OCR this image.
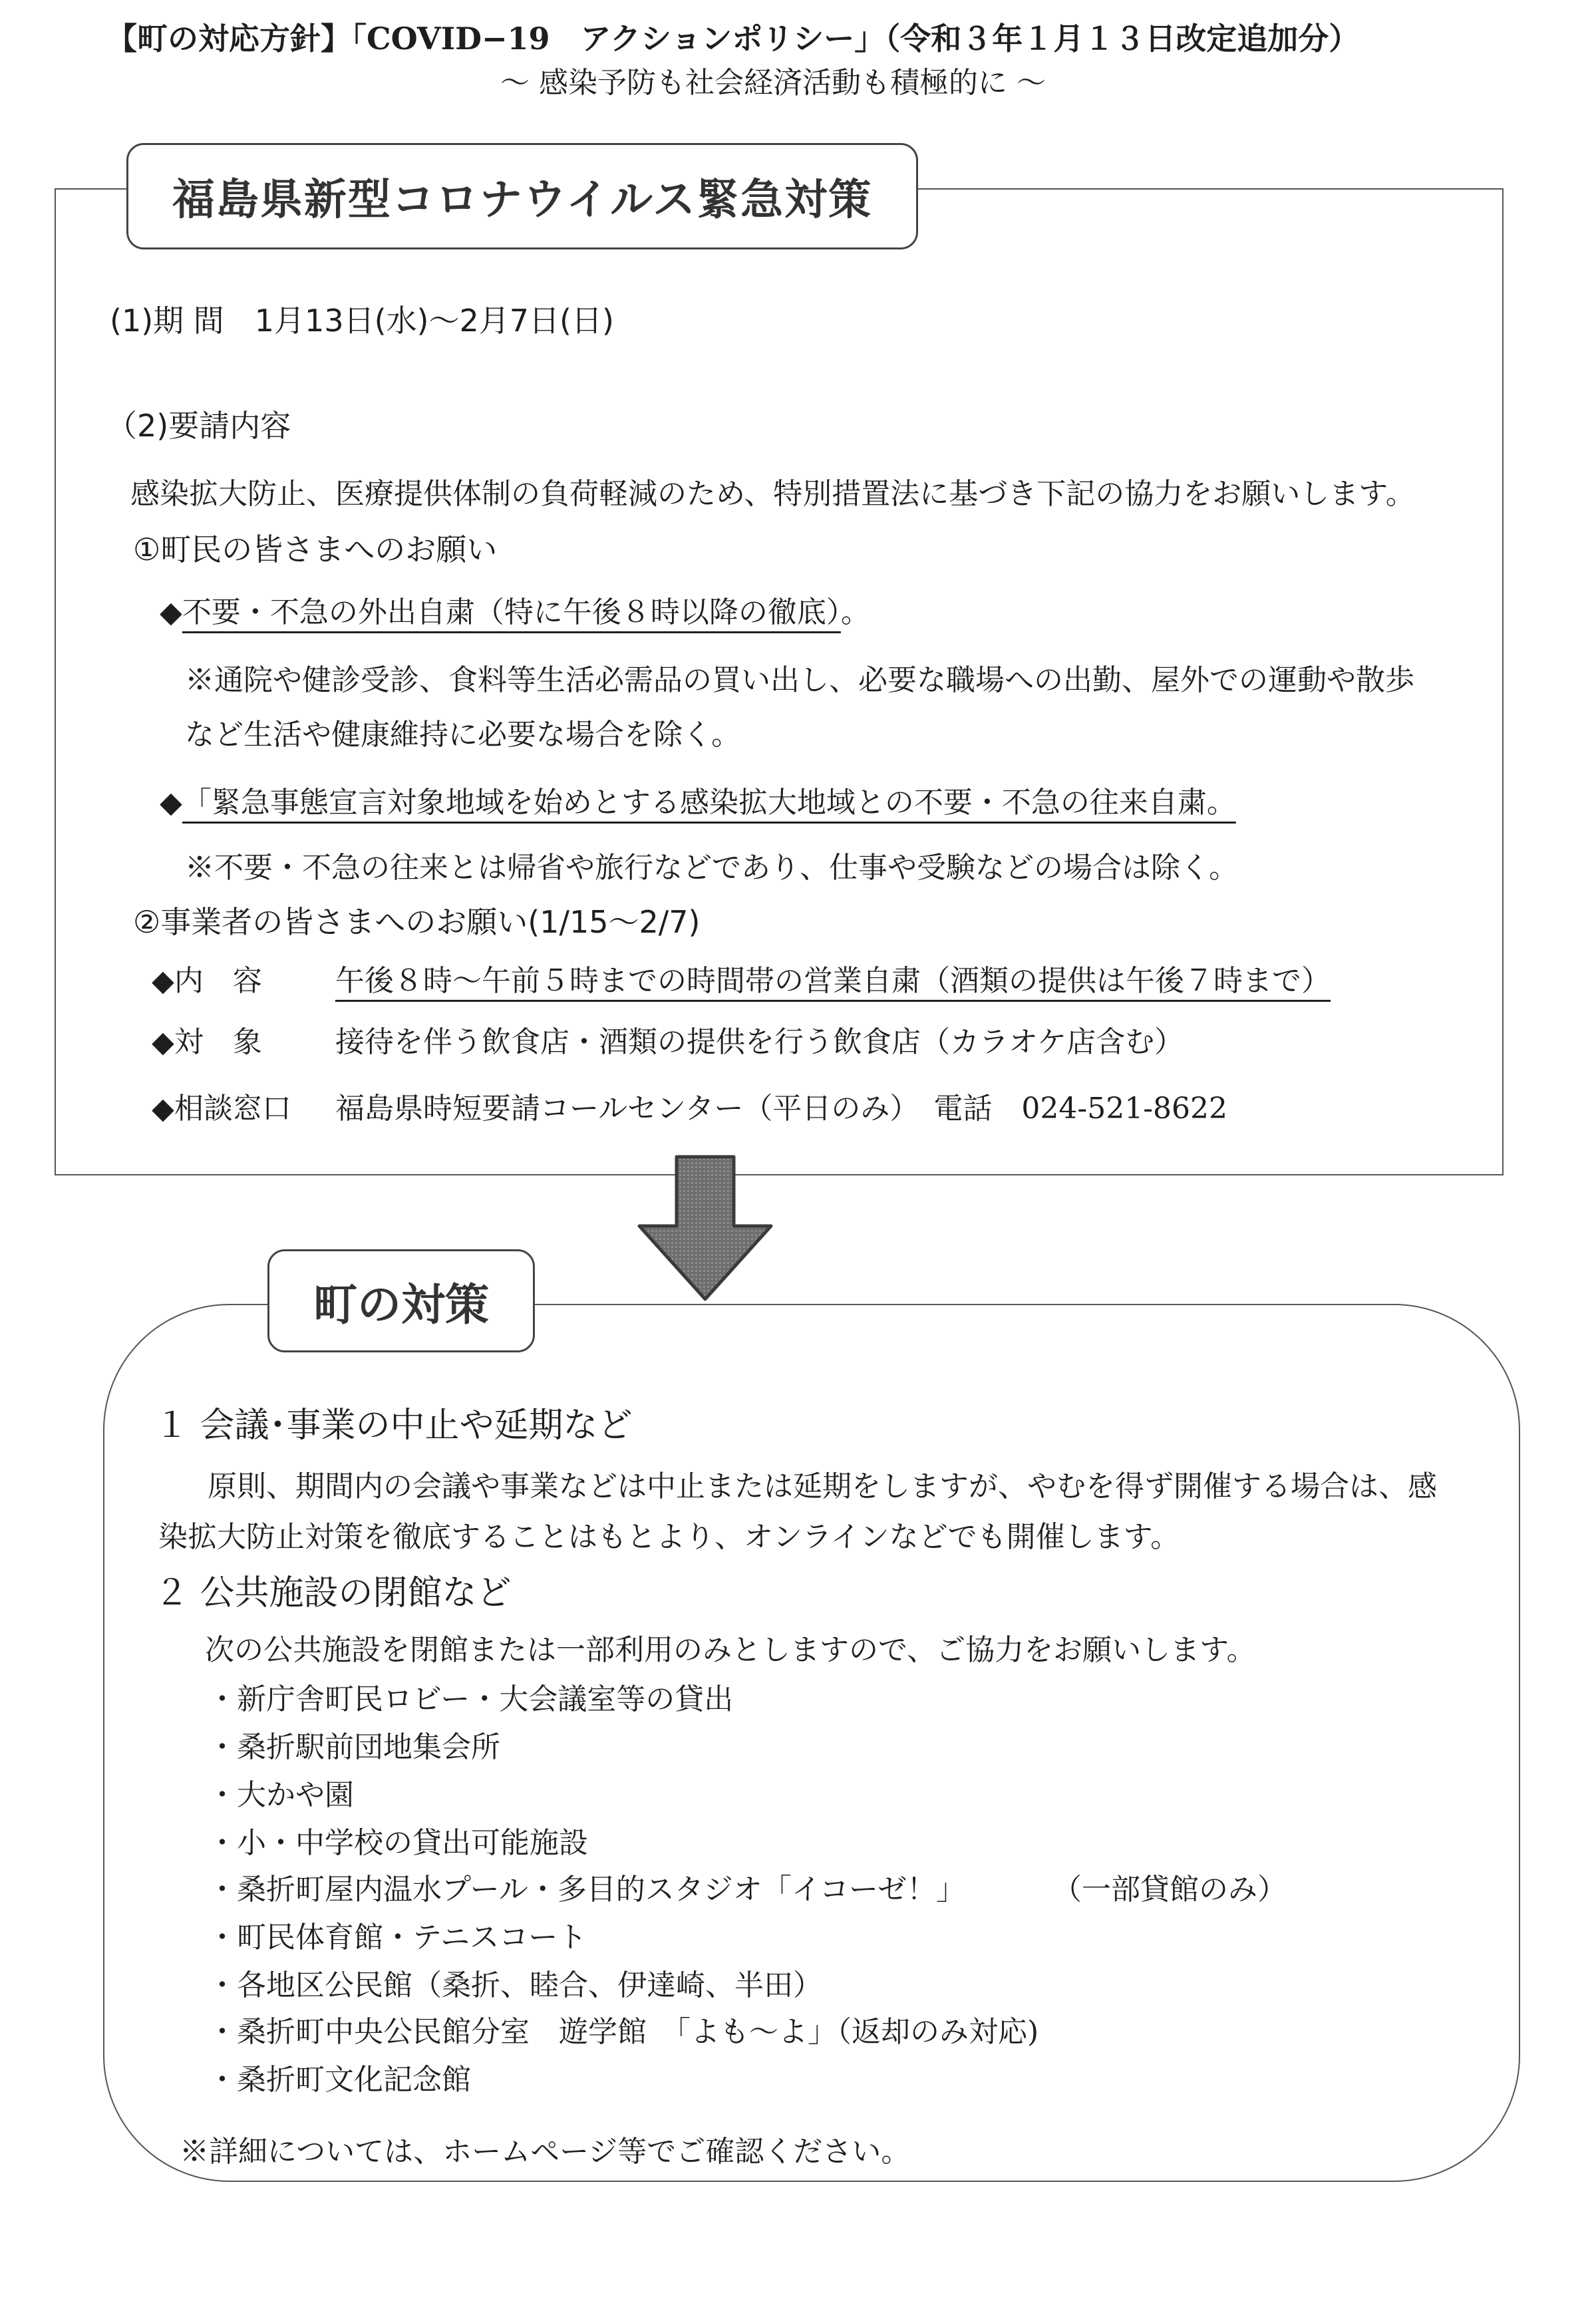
【町の対応方針】「COVID−19　アクションポリシー」（令和３年１月１３日改定追加分）
〜 感染予防も社会経済活動も積極的に 〜
福島県新型コロナウイルス緊急対策
(1)期 間　1月13日(水)〜2月7日(日)
（2)要請内容
感染拡大防止、医療提供体制の負荷軽減のため、特別措置法に基づき下記の協力をお願いします。
①町民の皆さまへのお願い
◆不要・不急の外出自粛（特に午後８時以降の徹底）。
※通院や健診受診、食料等生活必需品の買い出し、必要な職場への出勤、屋外での運動や散歩
など生活や健康維持に必要な場合を除く。
◆「緊急事態宣言対象地域を始めとする感染拡大地域との不要・不急の往来自粛。
※不要・不急の往来とは帰省や旅行などであり、仕事や受験などの場合は除く。
②事業者の皆さまへのお願い(1/15〜2/7)
◆内　容	午後８時〜午前５時までの時間帯の営業自粛（酒類の提供は午後７時まで）
◆対　象	接待を伴う飲食店・酒類の提供を行う飲食店（カラオケ店含む）
◆相談窓口 福島県時短要請コールセンター（平日のみ）　電話　024-521-8622
町の対策
１ 会議･事業の中止や延期など
原則、期間内の会議や事業などは中止または延期をしますが、やむを得ず開催する場合は、感
染拡大防止対策を徹底することはもとより、オンラインなどでも開催します。
２ 公共施設の閉館など
次の公共施設を閉館または一部利用のみとしますので、ご協力をお願いします。
・新庁舎町民ロビー・大会議室等の貸出
・桑折駅前団地集会所
・大かや園
・小・中学校の貸出可能施設
・桑折町屋内温水プール・多目的スタジオ「イコーゼ！」	（一部貸館のみ）
・町民体育館・テニスコート
・各地区公民館（桑折、睦合、伊達崎、半田）
・桑折町中央公民館分室　遊学館　「よも〜よ」（返却のみ対応)
・桑折町文化記念館
※詳細については、ホームページ等でご確認ください。
